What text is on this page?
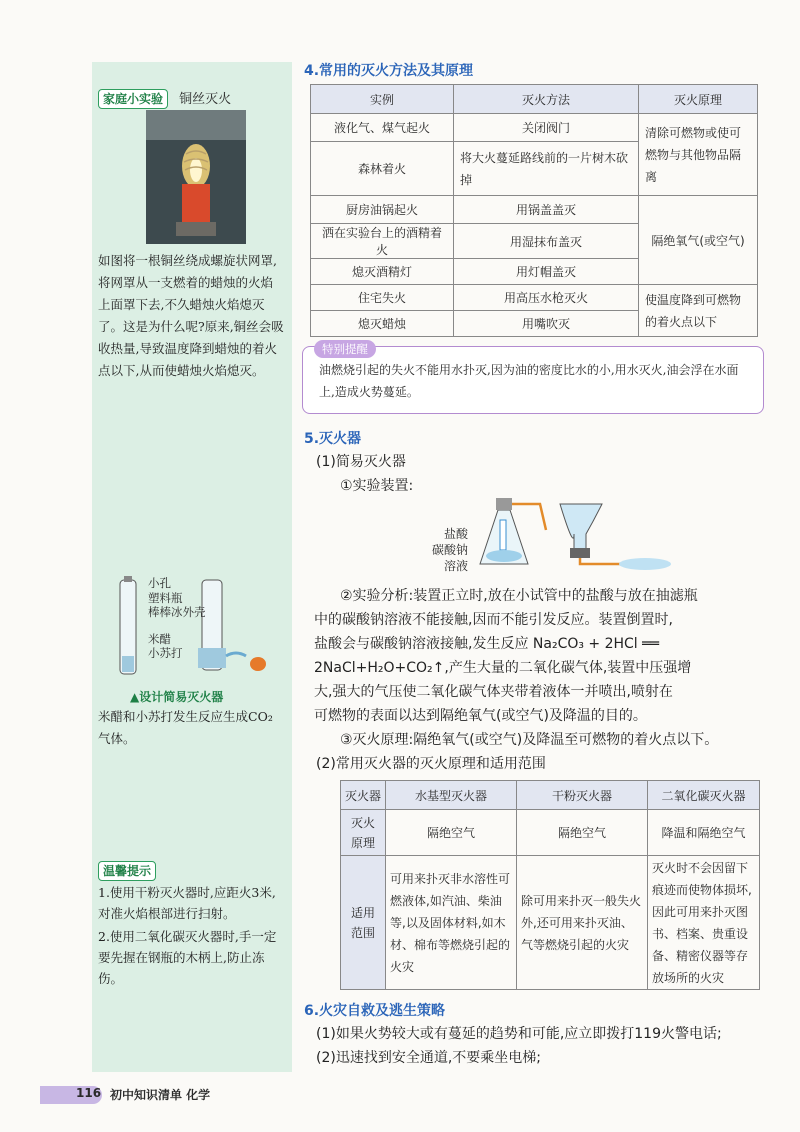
家庭小实验 铜丝灭火
如图将一根铜丝绕成螺旋状网罩,将网罩从一支燃着的蜡烛的火焰上面罩下去,不久蜡烛火焰熄灭了。这是为什么呢?原来,铜丝会吸收热量,导致温度降到蜡烛的着火点以下,从而使蜡烛火焰熄灭。
小孔
塑料瓶
棒棒冰外壳
米醋
小苏打
▲设计简易灭火器
米醋和小苏打发生反应生成CO₂气体。
温馨提示
1.使用干粉灭火器时,应距火3米,对准火焰根部进行扫射。
2.使用二氧化碳灭火器时,手一定要先握在钢瓶的木柄上,防止冻伤。
4.常用的灭火方法及其原理
实例	灭火方法	灭火原理
液化气、煤气起火	关闭阀门	清除可燃物或使可燃物与其他物品隔离
森林着火	将大火蔓延路线前的一片树木砍掉	
厨房油锅起火	用锅盖盖灭	隔绝氧气(或空气)
洒在实验台上的酒精着火	用湿抹布盖灭	
熄灭酒精灯	用灯帽盖灭	
住宅失火	用高压水枪灭火	使温度降到可燃物的着火点以下
熄灭蜡烛	用嘴吹灭	
油燃烧引起的失火不能用水扑灭,因为油的密度比水的小,用水灭火,油会浮在水面上,造成火势蔓延。
特别提醒
5.灭火器
(1)简易灭火器
①实验装置:
盐酸
碳酸钠
溶液
②实验分析:装置正立时,放在小试管中的盐酸与放在抽滤瓶
中的碳酸钠溶液不能接触,因而不能引发反应。装置倒置时,
盐酸会与碳酸钠溶液接触,发生反应 Na₂CO₃ + 2HCl ══
2NaCl+H₂O+CO₂↑,产生大量的二氧化碳气体,装置中压强增
大,强大的气压使二氧化碳气体夹带着液体一并喷出,喷射在
可燃物的表面以达到隔绝氧气(或空气)及降温的目的。
③灭火原理:隔绝氧气(或空气)及降温至可燃物的着火点以下。
(2)常用灭火器的灭火原理和适用范围
灭火器	水基型灭火器	干粉灭火器	二氧化碳灭火器
灭火原理	隔绝空气	隔绝空气	降温和隔绝空气
适用范围	可用来扑灭非水溶性可燃液体,如汽油、柴油等,以及固体材料,如木材、棉布等燃烧引起的火灾	除可用来扑灭一般失火外,还可用来扑灭油、气等燃烧引起的火灾	灭火时不会因留下痕迹而使物体损坏,因此可用来扑灭图书、档案、贵重设备、精密仪器等存放场所的火灾
6.火灾自救及逃生策略
(1)如果火势较大或有蔓延的趋势和可能,应立即拨打119火警电话;
(2)迅速找到安全通道,不要乘坐电梯;
116 初中知识清单 化学
